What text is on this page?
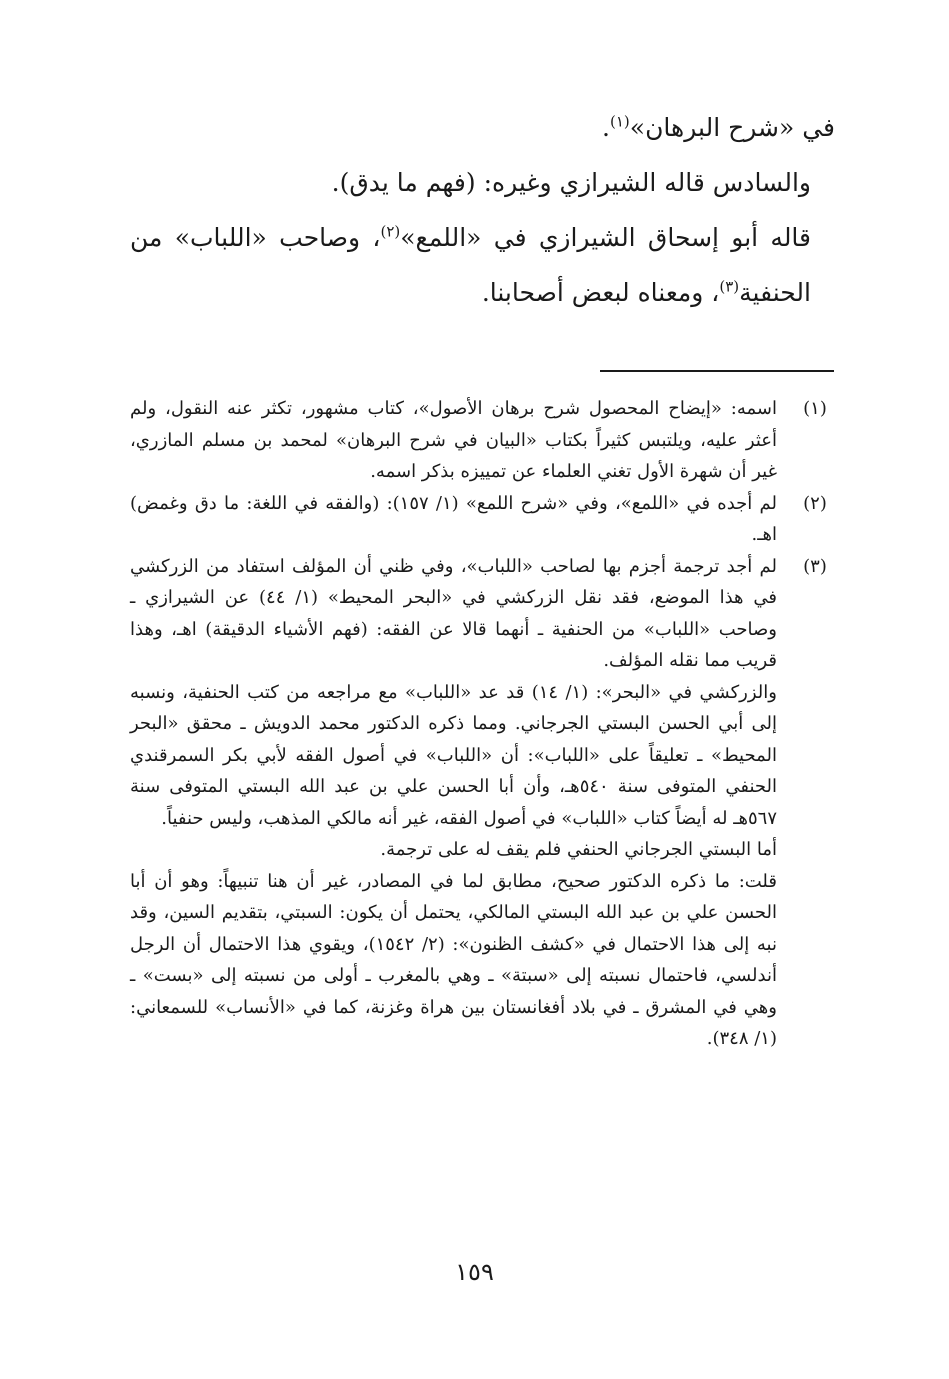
في «شرح البرهان»$^{(١)}$.

والسادس قاله الشيرازي وغيره: (فهم ما يدق).

قاله أبو إسحاق الشيرازي في «اللمع»$^{(٢)}$، وصاحب «اللباب» من الحنفية$^{(٣)}$، ومعناه لبعض أصحابنا.

(١)
اسمه: «إيضاح المحصول شرح برهان الأصول»، كتاب مشهور، تكثر عنه النقول، ولم أعثر عليه، ويلتبس كثيراً بكتاب «البيان في شرح البرهان» لمحمد بن مسلم المازري، غير أن شهرة الأول تغني العلماء عن تمييزه بذكر اسمه.
(٢)
لم أجده في «اللمع»، وفي «شرح اللمع» (١/ ١٥٧): (والفقه في اللغة: ما دق وغمض) اهـ.
(٣)
لم أجد ترجمة أجزم بها لصاحب «اللباب»، وفي ظني أن المؤلف استفاد من الزركشي في هذا الموضع، فقد نقل الزركشي في «البحر المحيط» (١/ ٤٤) عن الشيرازي ـ وصاحب «اللباب» من الحنفية ـ أنهما قالا عن الفقه: (فهم الأشياء الدقيقة) اهـ، وهذا قريب مما نقله المؤلف.

والزركشي في «البحر»: (١/ ١٤) قد عد «اللباب» مع مراجعه من كتب الحنفية، ونسبه إلى أبي الحسن البستي الجرجاني. ومما ذكره الدكتور محمد الدويش ـ محقق «البحر المحيط» ـ تعليقاً على «اللباب»: أن «اللباب» في أصول الفقه لأبي بكر السمرقندي الحنفي المتوفى سنة ٥٤٠هـ، وأن أبا الحسن علي بن عبد الله البستي المتوفى سنة ٥٦٧هـ له أيضاً كتاب «اللباب» في أصول الفقه، غير أنه مالكي المذهب، وليس حنفياً.

أما البستي الجرجاني الحنفي فلم يقف له على ترجمة.

قلت: ما ذكره الدكتور صحيح، مطابق لما في المصادر، غير أن هنا تنبيهاً: وهو أن أبا الحسن علي بن عبد الله البستي المالكي، يحتمل أن يكون: السبتي، بتقديم السين، وقد نبه إلى هذا الاحتمال في «كشف الظنون»: (٢/ ١٥٤٢)، ويقوي هذا الاحتمال أن الرجل أندلسي، فاحتمال نسبته إلى «سبتة» ـ وهي بالمغرب ـ أولى من نسبته إلى «بست» ـ وهي في المشرق ـ في بلاد أفغانستان بين هراة وغزنة، كما في «الأنساب» للسمعاني: (١/ ٣٤٨).

١٥٩
